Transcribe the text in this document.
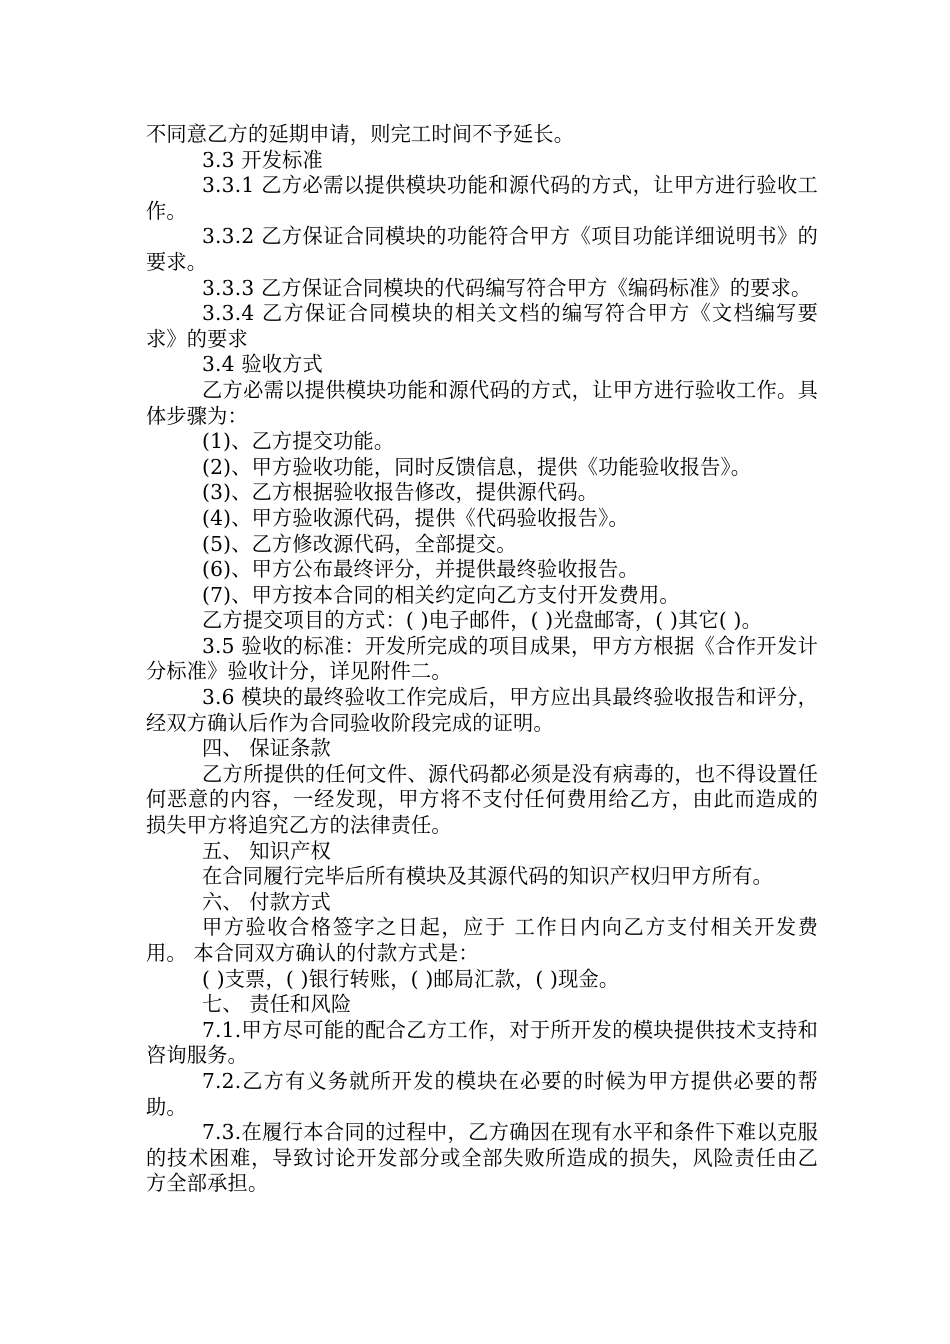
不同意乙方的延期申请，则完工时间不予延长。

3.3 开发标准

3.3.1 乙方必需以提供模块功能和源代码的方式，让甲方进行验收工作。

3.3.2 乙方保证合同模块的功能符合甲方《项目功能详细说明书》的要求。

3.3.3 乙方保证合同模块的代码编写符合甲方《编码标准》的要求。

3.3.4 乙方保证合同模块的相关文档的编写符合甲方《文档编写要求》的要求

3.4 验收方式

乙方必需以提供模块功能和源代码的方式，让甲方进行验收工作。具体步骤为：

(1)、乙方提交功能。

(2)、甲方验收功能，同时反馈信息，提供《功能验收报告》。

(3)、乙方根据验收报告修改，提供源代码。

(4)、甲方验收源代码，提供《代码验收报告》。

(5)、乙方修改源代码，全部提交。

(6)、甲方公布最终评分，并提供最终验收报告。

(7)、甲方按本合同的相关约定向乙方支付开发费用。

乙方提交项目的方式：( )电子邮件，( )光盘邮寄，( )其它( )。

3.5 验收的标准：开发所完成的项目成果，甲方方根据《合作开发计分标准》验收计分，详见附件二。

3.6 模块的最终验收工作完成后，甲方应出具最终验收报告和评分，经双方确认后作为合同验收阶段完成的证明。

四、 保证条款

乙方所提供的任何文件、源代码都必须是没有病毒的，也不得设置任何恶意的内容，一经发现，甲方将不支付任何费用给乙方，由此而造成的损失甲方将追究乙方的法律责任。

五、 知识产权

在合同履行完毕后所有模块及其源代码的知识产权归甲方所有。

六、 付款方式

甲方验收合格签字之日起，应于 工作日内向乙方支付相关开发费用。 本合同双方确认的付款方式是：

( )支票，( )银行转账，( )邮局汇款，( )现金。

七、 责任和风险

7.1.甲方尽可能的配合乙方工作，对于所开发的模块提供技术支持和咨询服务。

7.2.乙方有义务就所开发的模块在必要的时候为甲方提供必要的帮助。

7.3.在履行本合同的过程中，乙方确因在现有水平和条件下难以克服的技术困难，导致讨论开发部分或全部失败所造成的损失，风险责任由乙方全部承担。
